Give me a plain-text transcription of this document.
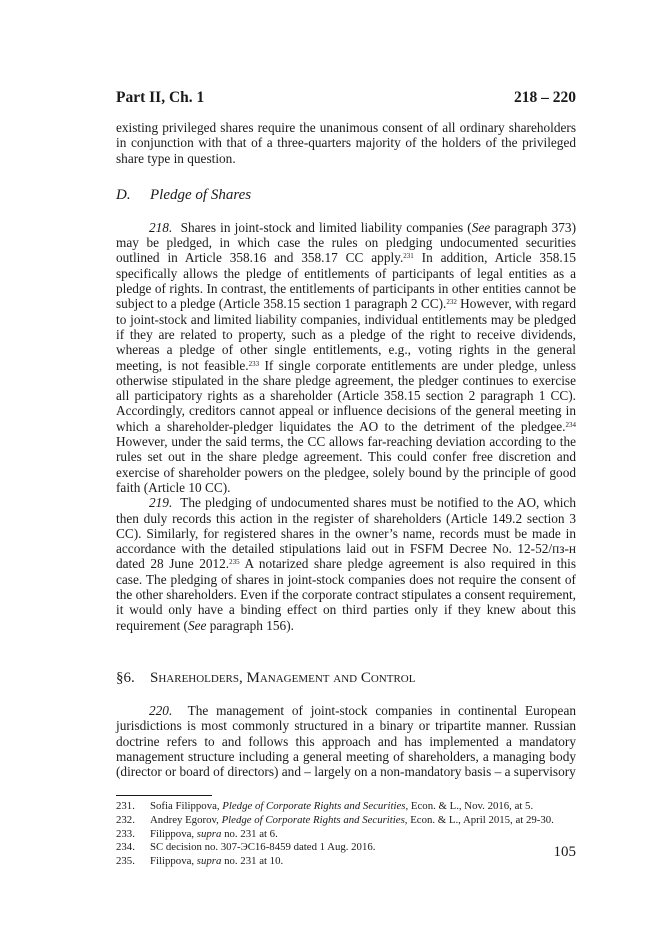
Part II, Ch. 1	218 – 220

existing privileged shares require the unanimous consent of all ordinary shareholders in conjunction with that of a three-quarters majority of the holders of the privileged share type in question.

D. Pledge of Shares

218. Shares in joint-stock and limited liability companies (See paragraph 373) may be pledged, in which case the rules on pledging undocumented securities outlined in Article 358.16 and 358.17 CC apply.$^{231}$ In addition, Article 358.15 specifically allows the pledge of entitlements of participants of legal entities as a pledge of rights. In contrast, the entitlements of participants in other entities cannot be subject to a pledge (Article 358.15 section 1 paragraph 2 CC).$^{232}$ However, with regard to joint-stock and limited liability companies, individual entitlements may be pledged if they are related to property, such as a pledge of the right to receive dividends, whereas a pledge of other single entitlements, e.g., voting rights in the general meeting, is not feasible.$^{233}$ If single corporate entitlements are under pledge, unless otherwise stipulated in the share pledge agreement, the pledger continues to exercise all participatory rights as a shareholder (Article 358.15 section 2 paragraph 1 CC). Accordingly, creditors cannot appeal or influence decisions of the general meeting in which a shareholder-pledger liquidates the AO to the detriment of the pledgee.$^{234}$ However, under the said terms, the CC allows far-reaching deviation according to the rules set out in the share pledge agreement. This could confer free discretion and exercise of shareholder powers on the pledgee, solely bound by the principle of good faith (Article 10 CC).

219. The pledging of undocumented shares must be notified to the AO, which then duly records this action in the register of shareholders (Article 149.2 section 3 CC). Similarly, for registered shares in the owner’s name, records must be made in accordance with the detailed stipulations laid out in FSFM Decree No. 12-52/пз-н dated 28 June 2012.$^{235}$ A notarized share pledge agreement is also required in this case. The pledging of shares in joint-stock companies does not require the consent of the other shareholders. Even if the corporate contract stipulates a consent requirement, it would only have a binding effect on third parties only if they knew about this requirement (See paragraph 156).

§6. Shareholders, Management and Control

220. The management of joint-stock companies in continental European jurisdictions is most commonly structured in a binary or tripartite manner. Russian doctrine refers to and follows this approach and has implemented a mandatory management structure including a general meeting of shareholders, a managing body (director or board of directors) and – largely on a non-mandatory basis – a supervisory

231.	Sofia Filippova, Pledge of Corporate Rights and Securities, Econ. & L., Nov. 2016, at 5.
232.	Andrey Egorov, Pledge of Corporate Rights and Securities, Econ. & L., April 2015, at 29-30.
233.	Filippova, supra no. 231 at 6.
234.	SC decision no. 307-ЭС16-8459 dated 1 Aug. 2016.
235.	Filippova, supra no. 231 at 10.
105
